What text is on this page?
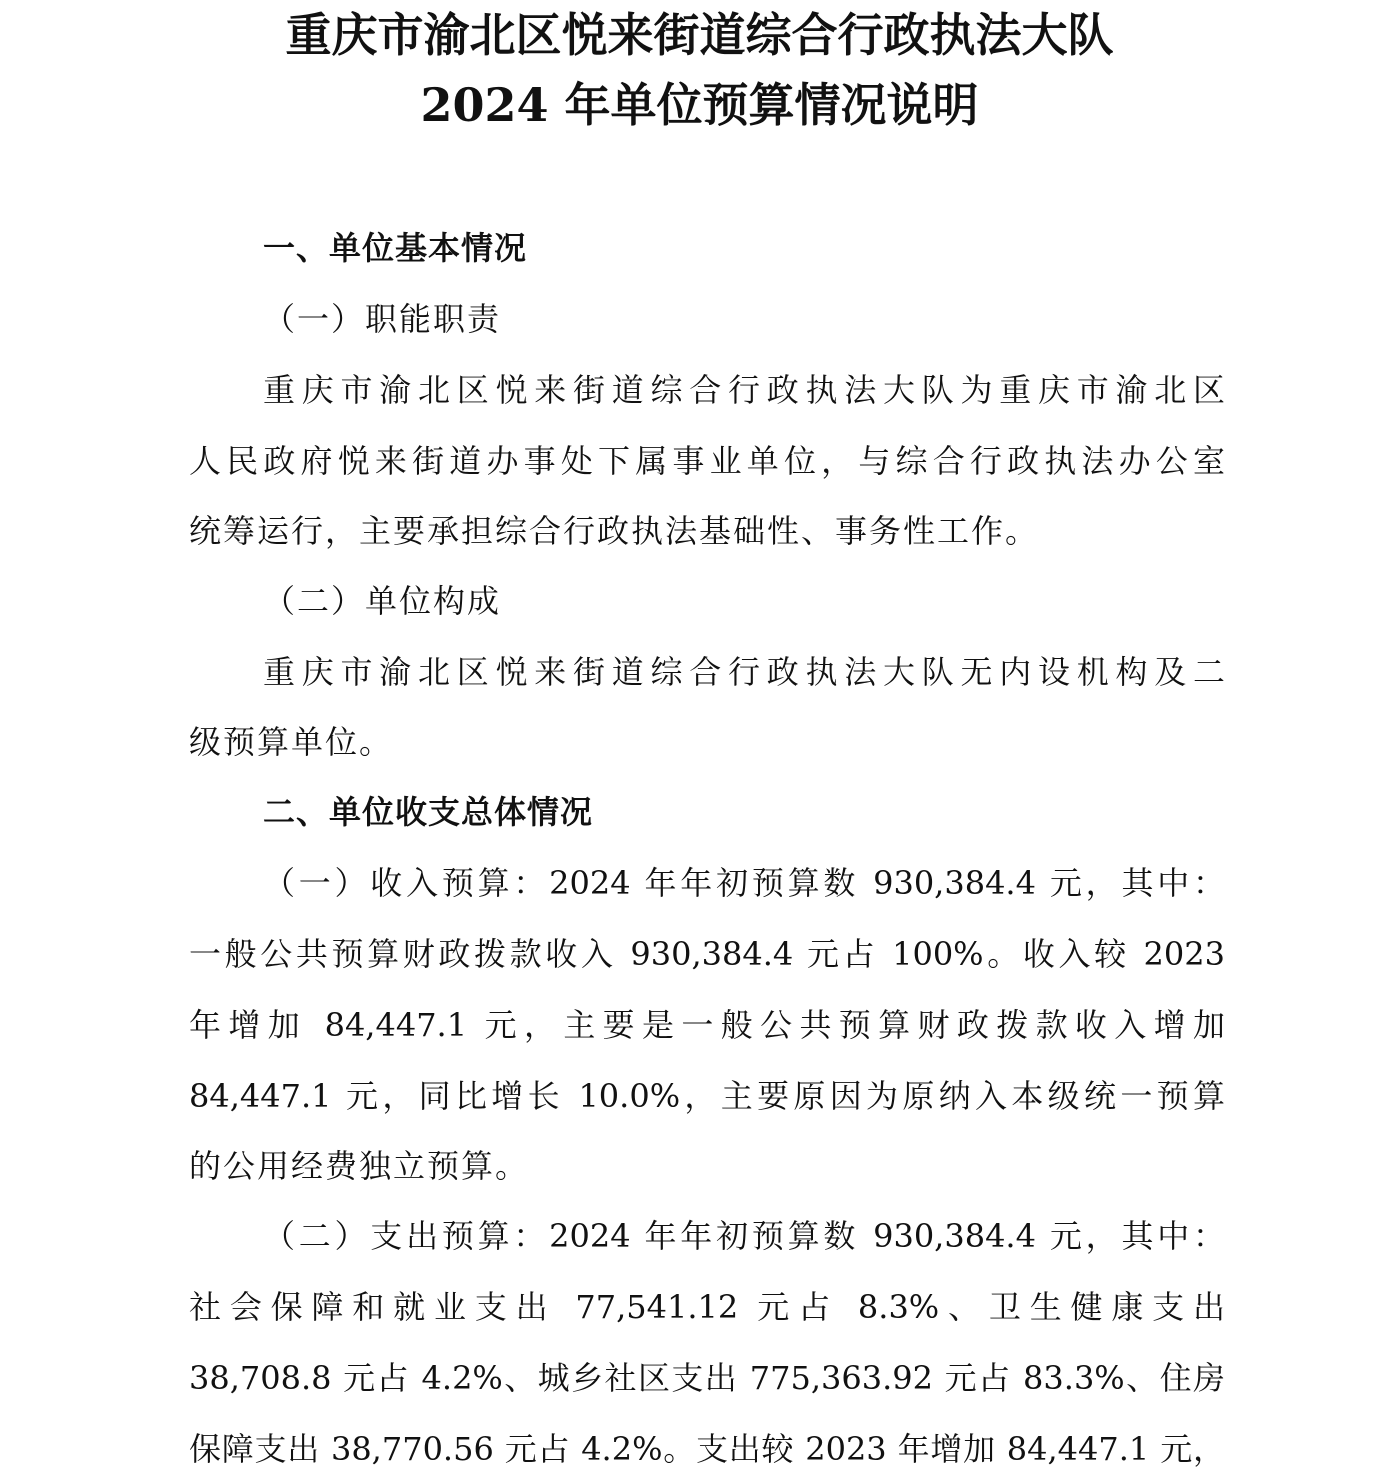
重庆市渝北区悦来街道综合行政执法大队
2024 年单位预算情况说明
一、单位基本情况
（一）职能职责
重庆市渝北区悦来街道综合行政执法大队为重庆市渝北区
人民政府悦来街道办事处下属事业单位，与综合行政执法办公室
统筹运行，主要承担综合行政执法基础性、事务性工作。
（二）单位构成
重庆市渝北区悦来街道综合行政执法大队无内设机构及二
级预算单位。
二、单位收支总体情况
（一）收入预算：2024 年年初预算数 930,384.4 元，其中：
一般公共预算财政拨款收入 930,384.4 元占 100%。收入较 2023
年增加 84,447.1 元，主要是一般公共预算财政拨款收入增加
84,447.1 元，同比增长 10.0%，主要原因为原纳入本级统一预算
的公用经费独立预算。
（二）支出预算：2024 年年初预算数 930,384.4 元，其中：
社会保障和就业支出 77,541.12 元占 8.3%、卫生健康支出
38,708.8 元占 4.2%、城乡社区支出 775,363.92 元占 83.3%、住房
保障支出 38,770.56 元占 4.2%。支出较 2023 年增加 84,447.1 元，
